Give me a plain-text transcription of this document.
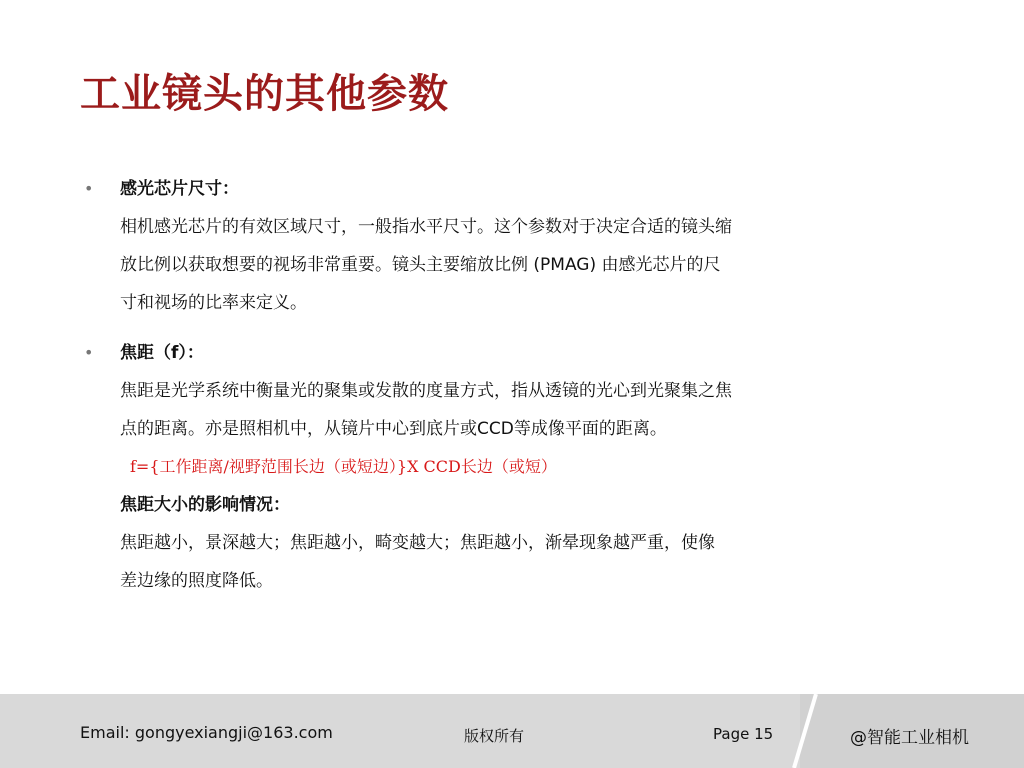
工业镜头的其他参数
• 感光芯片尺寸：
相机感光芯片的有效区域尺寸，一般指水平尺寸。这个参数对于决定合适的镜头缩
放比例以获取想要的视场非常重要。镜头主要缩放比例 (PMAG) 由感光芯片的尺
寸和视场的比率来定义。
• 焦距（f）：
焦距是光学系统中衡量光的聚集或发散的度量方式，指从透镜的光心到光聚集之焦
点的距离。亦是照相机中，从镜片中心到底片或CCD等成像平面的距离。
f={工作距离/视野范围长边（或短边）}X CCD长边（或短）
焦距大小的影响情况：
焦距越小，景深越大；焦距越小，畸变越大；焦距越小，渐晕现象越严重，使像
差边缘的照度降低。
Email: gongyexiangji@163.com	版权所有	Page 15	@智能工业相机
